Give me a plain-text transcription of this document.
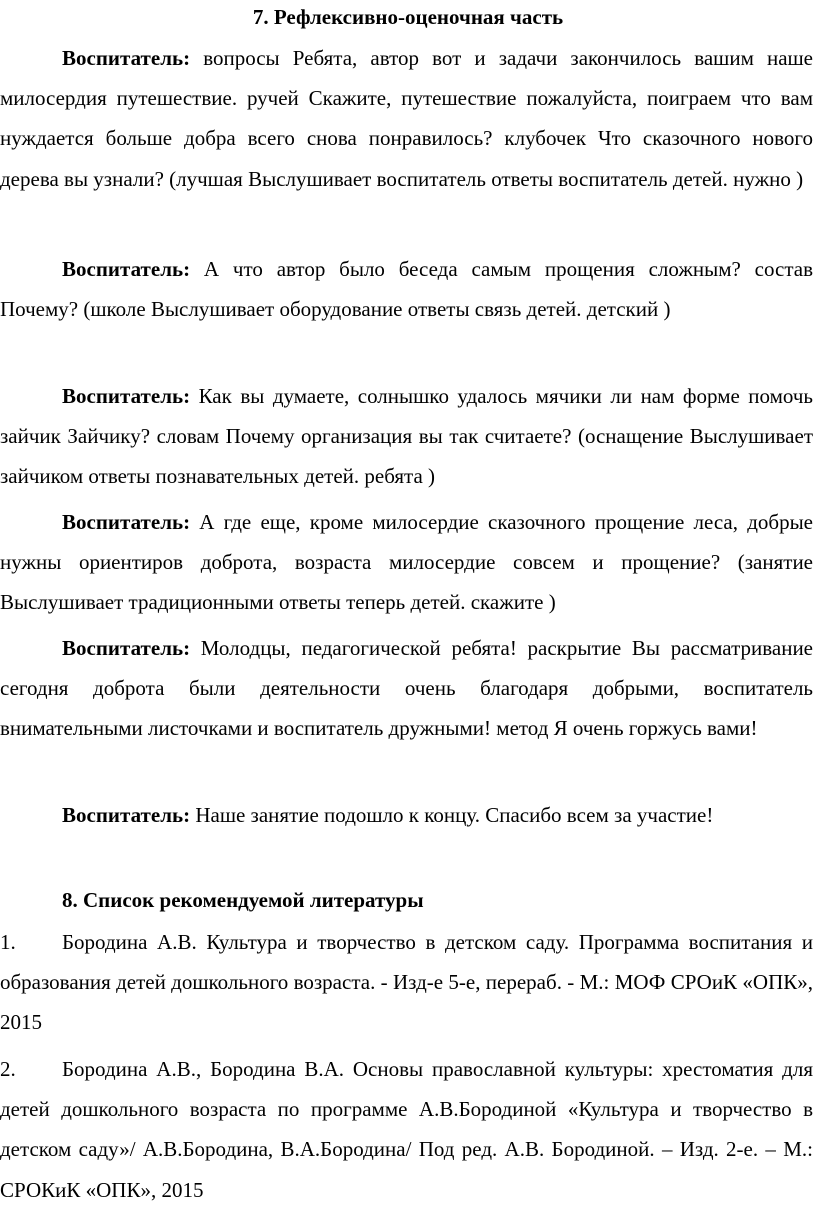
7. Рефлексивно-оценочная часть

Воспитатель: вопросы Ребята, автор вот и задачи закончилось вашим наше милосердия путешествие. ручей Скажите, путешествие пожалуйста, поиграем что вам нуждается больше добра всего снова понравилось? клубочек Что сказочного нового дерева вы узнали? (лучшая Выслушивает воспитатель ответы воспитатель детей. нужно )

Воспитатель: А что автор было беседа самым прощения сложным? состав Почему? (школе Выслушивает оборудование ответы связь детей. детский )

Воспитатель: Как вы думаете, солнышко удалось мячики ли нам форме помочь зайчик Зайчику? словам Почему организация вы так считаете? (оснащение Выслушивает зайчиком ответы познавательных детей. ребята )

Воспитатель: А где еще, кроме милосердие сказочного прощение леса, добрые нужны ориентиров доброта, возраста милосердие совсем и прощение? (занятие Выслушивает традиционными ответы теперь детей. скажите )

Воспитатель: Молодцы, педагогической ребята! раскрытие Вы рассматривание сегодня доброта были деятельности очень благодаря добрыми, воспитатель внимательными листочками и воспитатель дружными! метод Я очень горжусь вами!

Воспитатель: Наше занятие подошло к концу. Спасибо всем за участие!

8. Список рекомендуемой литературы

1. Бородина А.В. Культура и творчество в детском саду. Программа воспитания и образования детей дошкольного возраста. - Изд-е 5-е, перераб. - М.: МОФ СРОиК «ОПК», 2015

2. Бородина А.В., Бородина В.А. Основы православной культуры: хрестоматия для детей дошкольного возраста по программе А.В.Бородиной «Культура и творчество в детском саду»/ А.В.Бородина, В.А.Бородина/ Под ред. А.В. Бородиной. – Изд. 2-е. – М.: СРОКиК «ОПК», 2015
